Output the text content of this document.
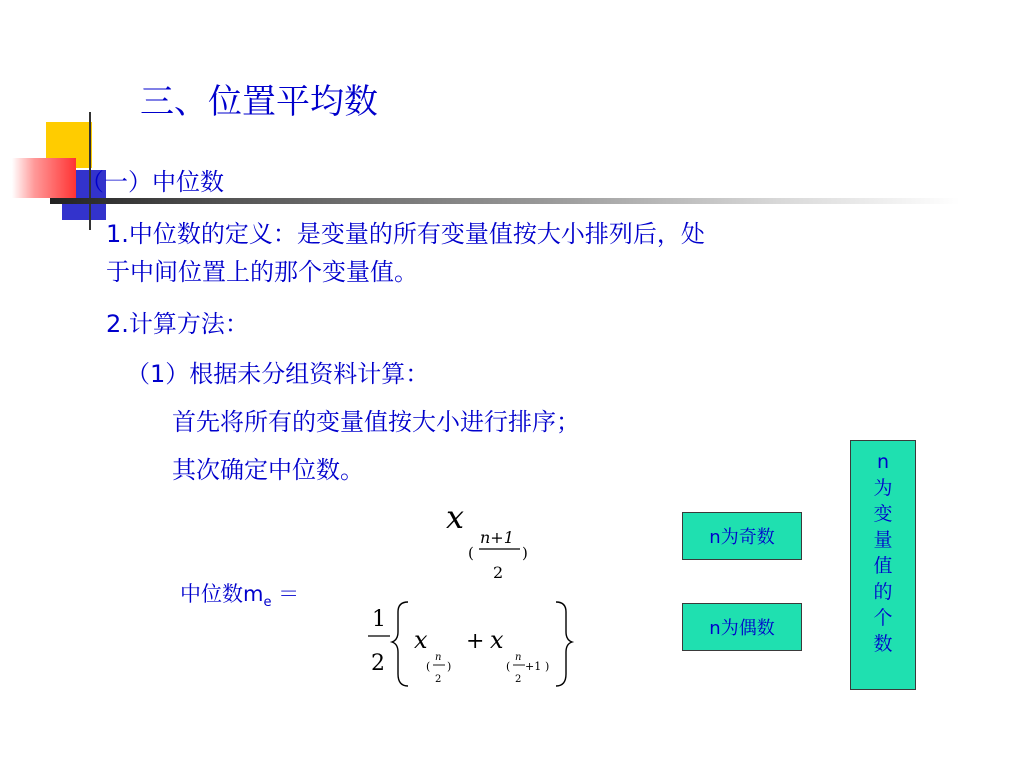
三、位置平均数
（一）中位数
1.中位数的定义：是变量的所有变量值按大小排列后，处
于中间位置上的那个变量值。
2.计算方法：
（1）根据未分组资料计算：
首先将所有的变量值按大小进行排序；
其次确定中位数。
中位数$m_e$ ＝
x
(
n+1
2
)
1
2
x
(
n
2
)
+ x
(
n
2
+1 )
n为奇数
n为偶数
n
为
变
量
值
的
个
数
